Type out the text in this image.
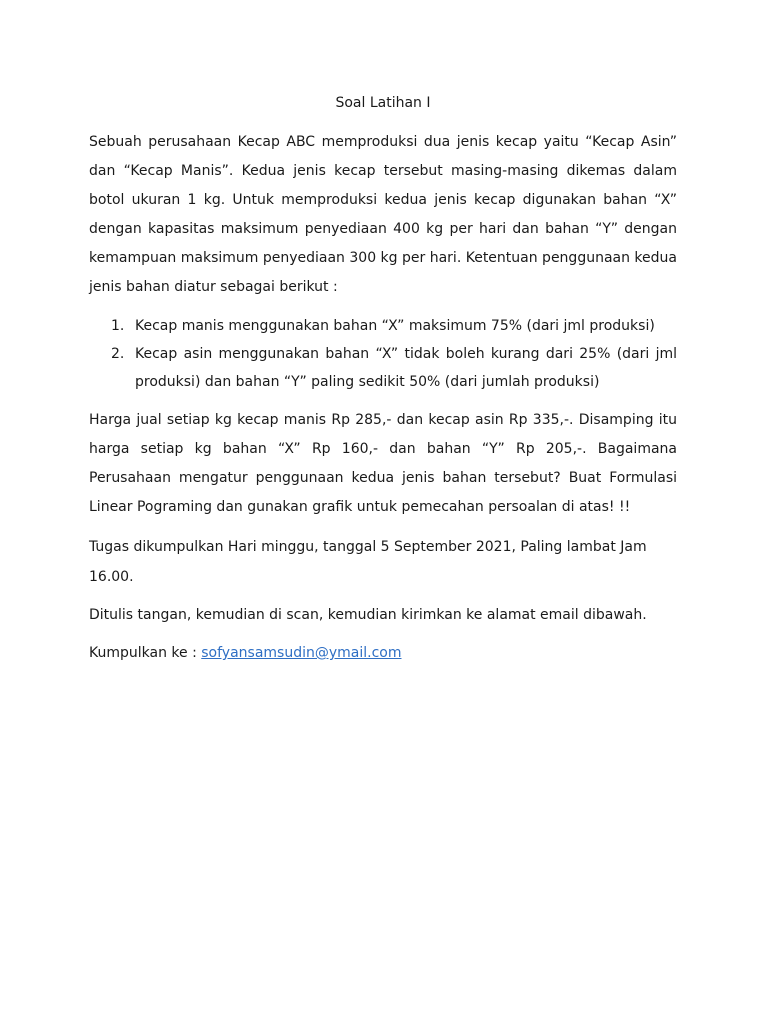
Soal Latihan I

Sebuah perusahaan Kecap ABC memproduksi dua jenis kecap yaitu “Kecap Asin” dan “Kecap Manis”. Kedua jenis kecap tersebut masing-masing dikemas dalam botol ukuran 1 kg. Untuk memproduksi kedua jenis kecap digunakan bahan “X” dengan kapasitas maksimum penyediaan 400 kg per hari dan bahan “Y” dengan kemampuan maksimum penyediaan 300 kg per hari. Ketentuan penggunaan kedua jenis bahan diatur sebagai berikut :

1. Kecap manis menggunakan bahan “X” maksimum 75% (dari jml produksi)
2. Kecap asin menggunakan bahan “X” tidak boleh kurang dari 25% (dari jml produksi) dan bahan “Y” paling sedikit 50% (dari jumlah produksi)

Harga jual setiap kg kecap manis Rp 285,- dan kecap asin Rp 335,-. Disamping itu harga setiap kg bahan “X” Rp 160,- dan bahan “Y” Rp 205,-. Bagaimana Perusahaan mengatur penggunaan kedua jenis bahan tersebut? Buat Formulasi Linear Pograming dan gunakan grafik untuk pemecahan persoalan di atas! !!

Tugas dikumpulkan Hari minggu, tanggal 5 September 2021, Paling lambat Jam 16.00.

Ditulis tangan, kemudian di scan, kemudian kirimkan ke alamat email dibawah.

Kumpulkan ke : sofyansamsudin@ymail.com
